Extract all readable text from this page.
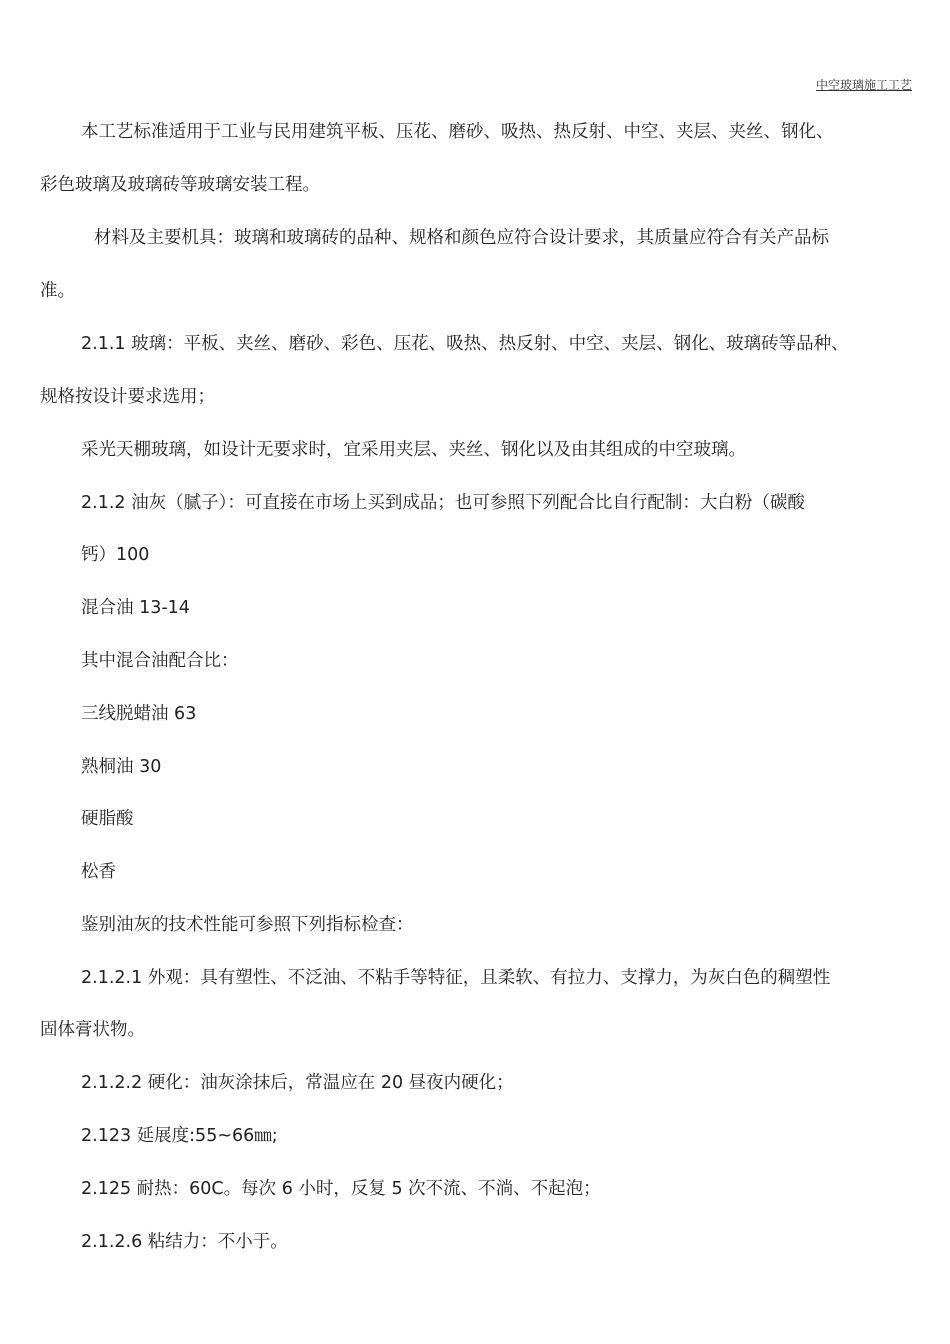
中空玻璃施工工艺
本工艺标准适用于工业与民用建筑平板、压花、磨砂、吸热、热反射、中空、夹层、夹丝、钢化、
彩色玻璃及玻璃砖等玻璃安装工程。
材料及主要机具：玻璃和玻璃砖的品种、规格和颜色应符合设计要求，其质量应符合有关产品标
准。
2.1.1 玻璃：平板、夹丝、磨砂、彩色、压花、吸热、热反射、中空、夹层、钢化、玻璃砖等品种、
规格按设计要求选用；
采光天棚玻璃，如设计无要求时，宜采用夹层、夹丝、钢化以及由其组成的中空玻璃。
2.1.2 油灰（腻子）：可直接在市场上买到成品；也可参照下列配合比自行配制：大白粉（碳酸
钙）100
混合油 13-14
其中混合油配合比：
三线脱蜡油 63
熟桐油 30
硬脂酸
松香
鉴别油灰的技术性能可参照下列指标检查：
2.1.2.1 外观：具有塑性、不泛油、不粘手等特征，且柔软、有拉力、支撑力，为灰白色的稠塑性
固体膏状物。
2.1.2.2 硬化：油灰涂抹后，常温应在 20 昼夜内硬化；
2.123 延展度:55~66㎜;
2.125 耐热：60C。每次 6 小时，反复 5 次不流、不淌、不起泡；
2.1.2.6 粘结力：不小于。
